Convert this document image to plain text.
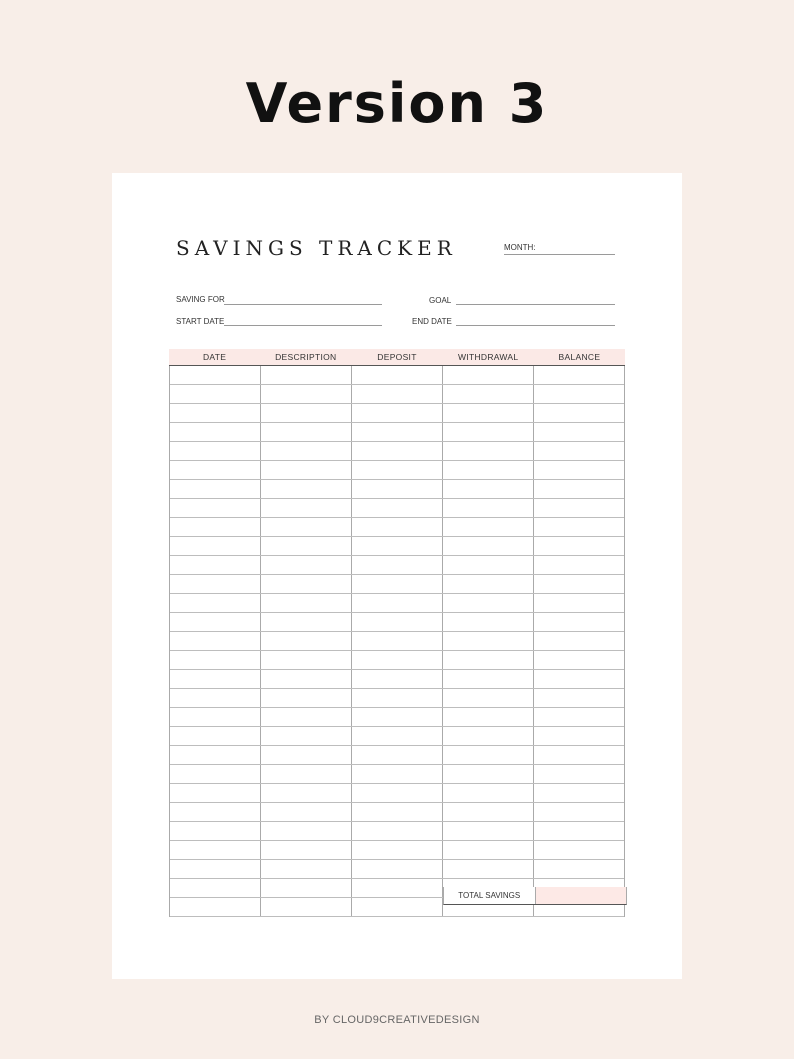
Version 3
SAVINGS TRACKER	MONTH:
SAVING FOR	GOAL
START DATE	END DATE
DATE	DESCRIPTION	DEPOSIT	WITHDRAWAL	BALANCE
TOTAL SAVINGS
BY CLOUD9CREATIVEDESIGN
